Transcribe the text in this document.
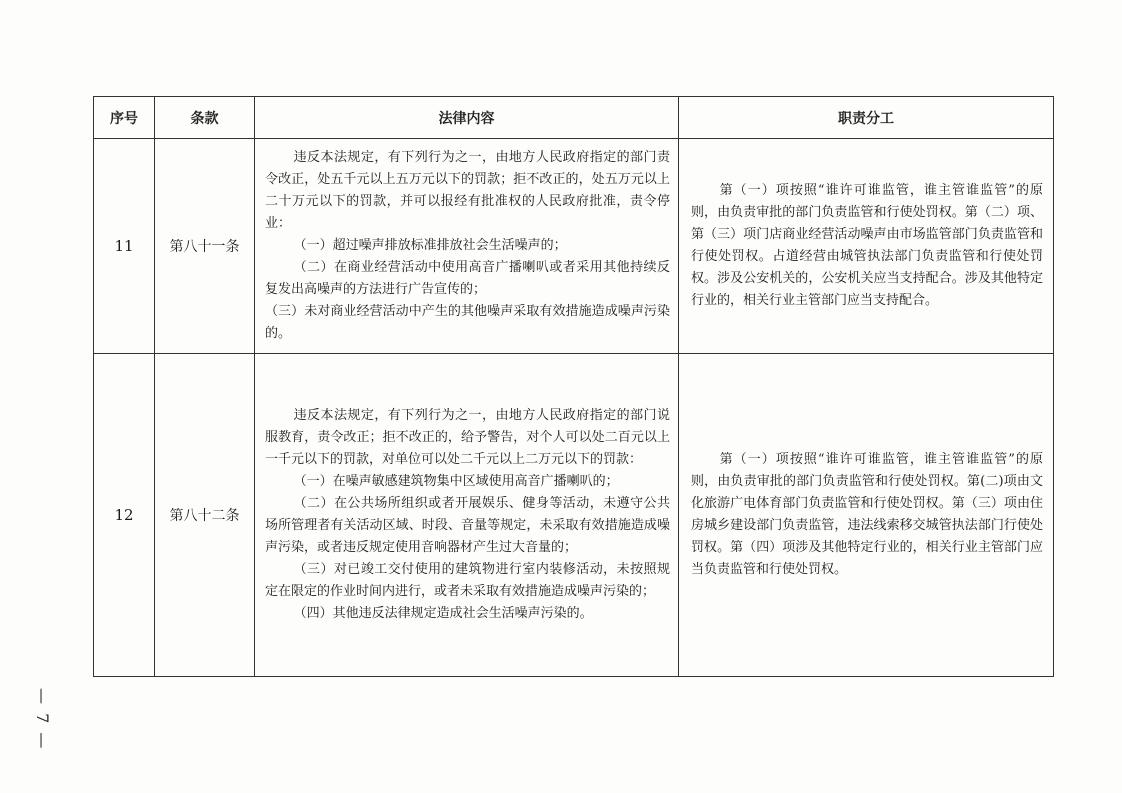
序号	条款	法律内容	职责分工
11	第八十一条	违反本法规定，有下列行为之一，由地方人民政府指定的部门责令改正，处五千元以上五万元以下的罚款；拒不改正的，处五万元以上二十万元以下的罚款，并可以报经有批准权的人民政府批准，责令停业：

（一）超过噪声排放标准排放社会生活噪声的；

（二）在商业经营活动中使用高音广播喇叭或者采用其他持续反复发出高噪声的方法进行广告宣传的；

（三）未对商业经营活动中产生的其他噪声采取有效措施造成噪声污染的。	第（一）项按照“谁许可谁监管，谁主管谁监管”的原则，由负责审批的部门负责监管和行使处罚权。第（二）项、第（三）项门店商业经营活动噪声由市场监管部门负责监管和行使处罚权。占道经营由城管执法部门负责监管和行使处罚权。涉及公安机关的，公安机关应当支持配合。涉及其他特定行业的，相关行业主管部门应当支持配合。

12	第八十二条	违反本法规定，有下列行为之一，由地方人民政府指定的部门说服教育，责令改正；拒不改正的，给予警告，对个人可以处二百元以上一千元以下的罚款，对单位可以处二千元以上二万元以下的罚款：

（一）在噪声敏感建筑物集中区域使用高音广播喇叭的；

（二）在公共场所组织或者开展娱乐、健身等活动，未遵守公共场所管理者有关活动区域、时段、音量等规定，未采取有效措施造成噪声污染，或者违反规定使用音响器材产生过大音量的；

（三）对已竣工交付使用的建筑物进行室内装修活动，未按照规定在限定的作业时间内进行，或者未采取有效措施造成噪声污染的；

（四）其他违反法律规定造成社会生活噪声污染的。	第（一）项按照“谁许可谁监管，谁主管谁监管”的原则，由负责审批的部门负责监管和行使处罚权。第(二)项由文化旅游广电体育部门负责监管和行使处罚权。第（三）项由住房城乡建设部门负责监管，违法线索移交城管执法部门行使处罚权。第（四）项涉及其他特定行业的，相关行业主管部门应当负责监管和行使处罚权。

— 7 —
